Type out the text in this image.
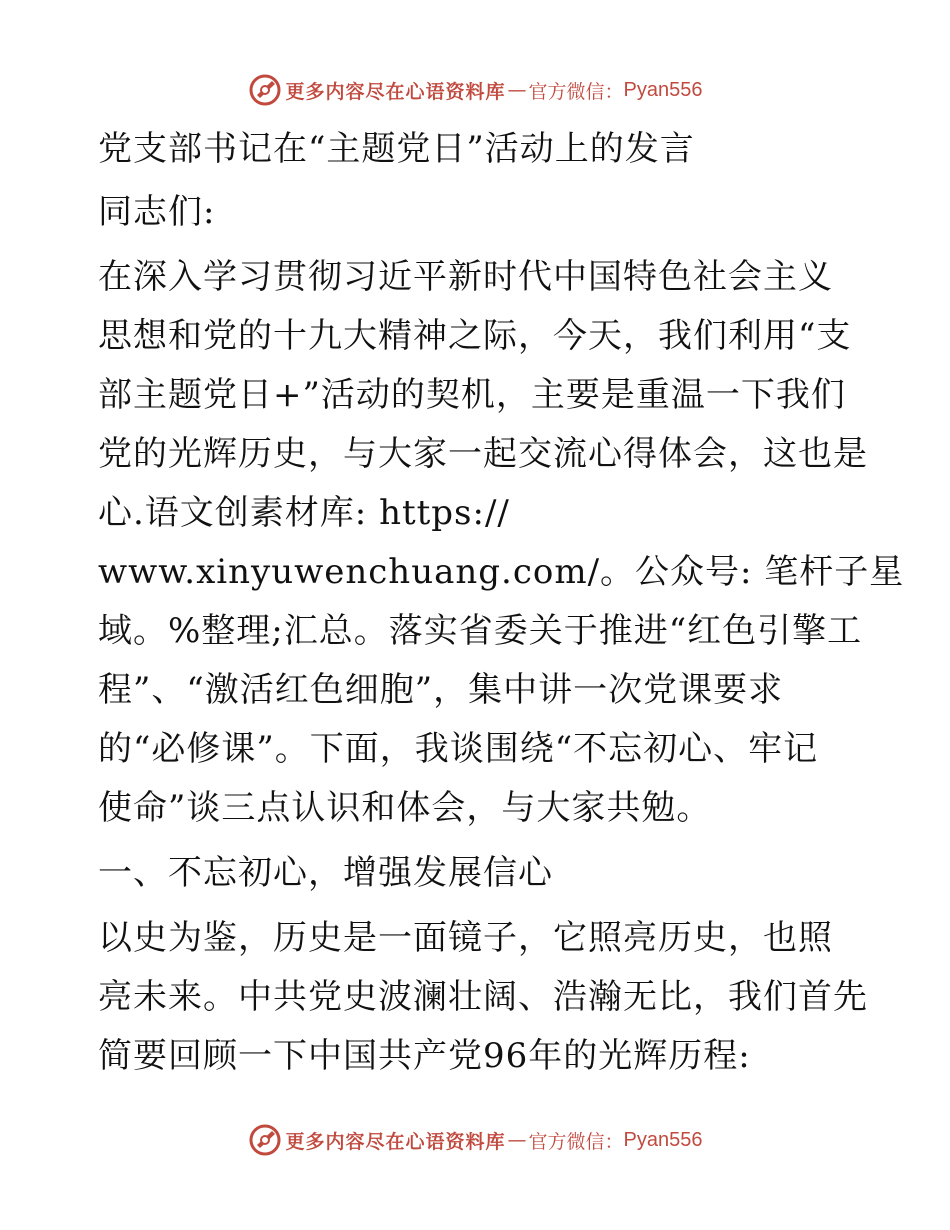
更多内容尽在心语资料库 — 官方微信： Pyan556
党支部书记在“主题党日”活动上的发言
同志们:
在深入学习贯彻习近平新时代中国特色社会主义
思想和党的十九大精神之际，今天，我们利用“支
部主题党日+”活动的契机，主要是重温一下我们
党的光辉历史，与大家一起交流心得体会，这也是
心.语文创素材库: https://
www.xinyuwenchuang.com/。公众号: 笔杆子星
域。%整理;汇总。落实省委关于推进“红色引擎工
程”、“激活红色细胞”，集中讲一次党课要求
的“必修课”。下面，我谈围绕“不忘初心、牢记
使命”谈三点认识和体会，与大家共勉。
一、不忘初心，增强发展信心
以史为鉴，历史是一面镜子，它照亮历史，也照
亮未来。中共党史波澜壮阔、浩瀚无比，我们首先
简要回顾一下中国共产党96年的光辉历程:
更多内容尽在心语资料库 — 官方微信： Pyan556
